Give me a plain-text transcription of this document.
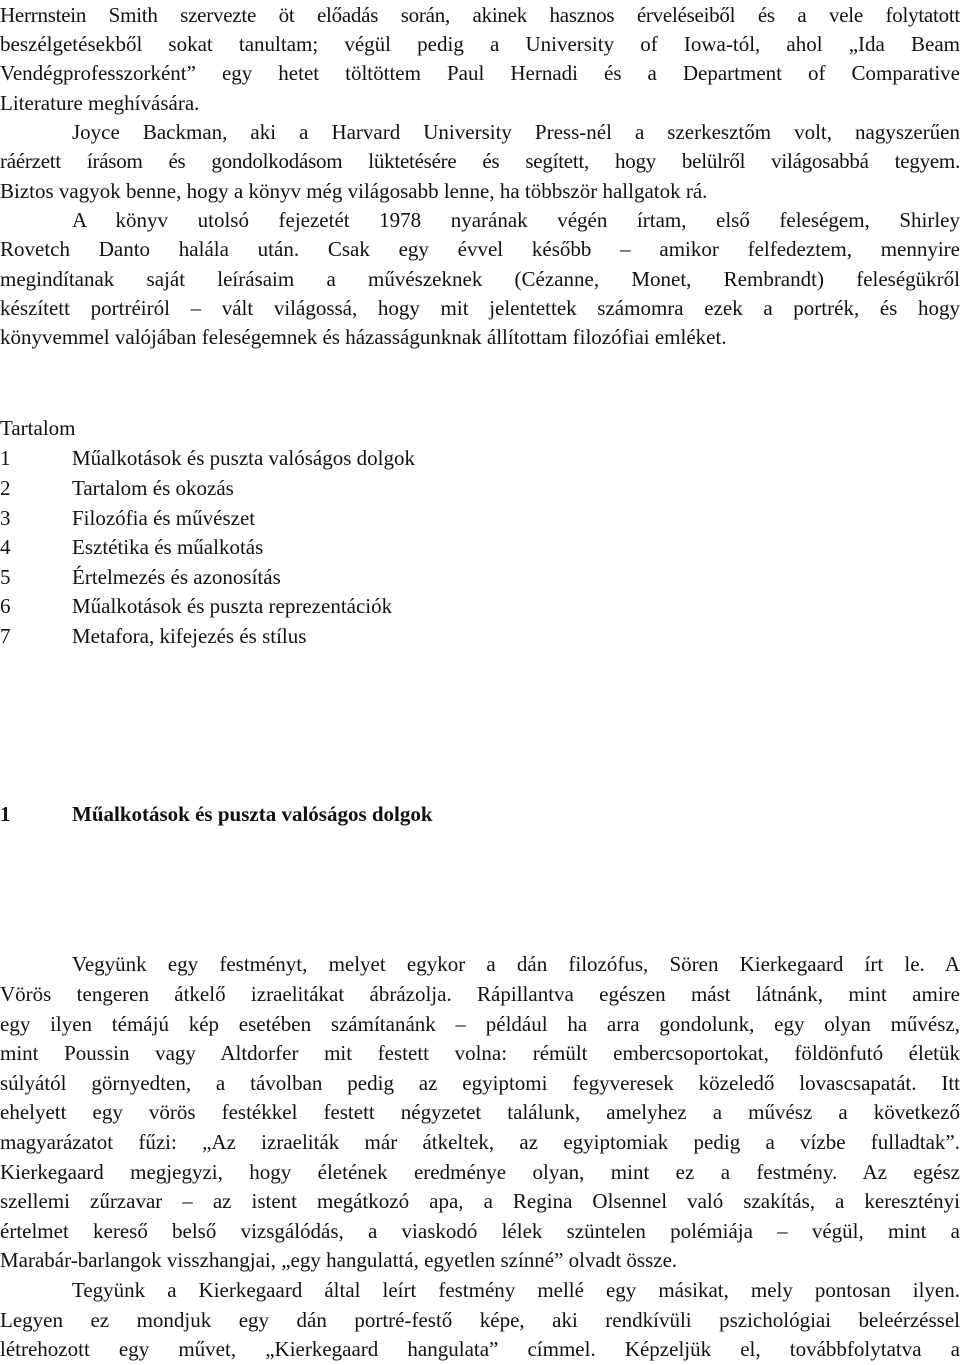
Herrnstein Smith szervezte öt előadás során, akinek hasznos érveléseiből és a vele folytatott
beszélgetésekből sokat tanultam; végül pedig a University of Iowa-tól, ahol „Ida Beam
Vendégprofesszorként” egy hetet töltöttem Paul Hernadi és a Department of Comparative
Literature meghívására.
Joyce Backman, aki a Harvard University Press-nél a szerkesztőm volt, nagyszerűen
ráérzett írásom és gondolkodásom lüktetésére és segített, hogy belülről világosabbá tegyem.
Biztos vagyok benne, hogy a könyv még világosabb lenne, ha többször hallgatok rá.
A könyv utolsó fejezetét 1978 nyarának végén írtam, első feleségem, Shirley
Rovetch Danto halála után. Csak egy évvel később – amikor felfedeztem, mennyire
megindítanak saját leírásaim a művészeknek (Cézanne, Monet, Rembrandt) feleségükről
készített portréiról – vált világossá, hogy mit jelentettek számomra ezek a portrék, és hogy
könyvemmel valójában feleségemnek és házasságunknak állítottam filozófiai emléket.
Tartalom
1	Műalkotások és puszta valóságos dolgok
2	Tartalom és okozás
3	Filozófia és művészet
4	Esztétika és műalkotás
5	Értelmezés és azonosítás
6	Műalkotások és puszta reprezentációk
7	Metafora, kifejezés és stílus
1	Műalkotások és puszta valóságos dolgok
Vegyünk egy festményt, melyet egykor a dán filozófus, Sören Kierkegaard írt le. A
Vörös tengeren átkelő izraelitákat ábrázolja. Rápillantva egészen mást látnánk, mint amire
egy ilyen témájú kép esetében számítanánk – például ha arra gondolunk, egy olyan művész,
mint Poussin vagy Altdorfer mit festett volna: rémült embercsoportokat, földönfutó életük
súlyától görnyedten, a távolban pedig az egyiptomi fegyveresek közeledő lovascsapatát. Itt
ehelyett egy vörös festékkel festett négyzetet találunk, amelyhez a művész a következő
magyarázatot fűzi: „Az izraeliták már átkeltek, az egyiptomiak pedig a vízbe fulladtak”.
Kierkegaard megjegyzi, hogy életének eredménye olyan, mint ez a festmény. Az egész
szellemi zűrzavar – az istent megátkozó apa, a Regina Olsennel való szakítás, a keresztényi
értelmet kereső belső vizsgálódás, a viaskodó lélek szüntelen polémiája – végül, mint a
Marabár-barlangok visszhangjai, „egy hangulattá, egyetlen színné” olvadt össze.
Tegyünk a Kierkegaard által leírt festmény mellé egy másikat, mely pontosan ilyen.
Legyen ez mondjuk egy dán portré-festő képe, aki rendkívüli pszichológiai beleérzéssel
létrehozott egy művet, „Kierkegaard hangulata” címmel. Képzeljük el, továbbfolytatva a
